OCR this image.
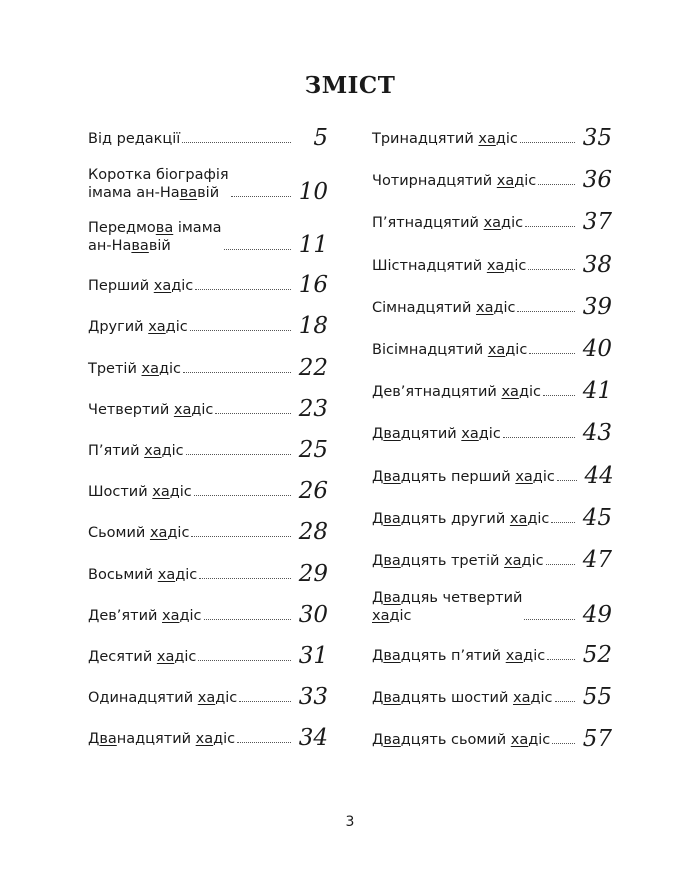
ЗМІСТ
Від редакції	5
Коротка біографія
імама ан-Нававій	10
Передмова імама
ан-Нававій	11
Перший хадіс	16
Другий хадіс	18
Третій хадіс	22
Четвертий хадіс	23
П’ятий хадіс	25
Шостий хадіс	26
Сьомий хадіс	28
Восьмий хадіс	29
Дев’ятий хадіс	30
Десятий хадіс	31
Одинадцятий хадіс	33
Дванадцятий хадіс	34
Тринадцятий хадіс	35
Чотирнадцятий хадіс 36
П’ятнадцятий хадіс	37
Шістнадцятий хадіс 38
Сімнадцятий хадіс	39
Вісімнадцятий хадіс 40
Дев’ятнадцятий хадіс 41
Двадцятий хадіс	43
Двадцять перший хадіс 44
Двадцять другий хадіс 45
Двадцять третій хадіс 47
Двадцяь четвертий
хадіс	49
Двадцять п’ятий хадіс 52
Двадцять шостий хадіс 55
Двадцять сьомий хадіс 57
3
